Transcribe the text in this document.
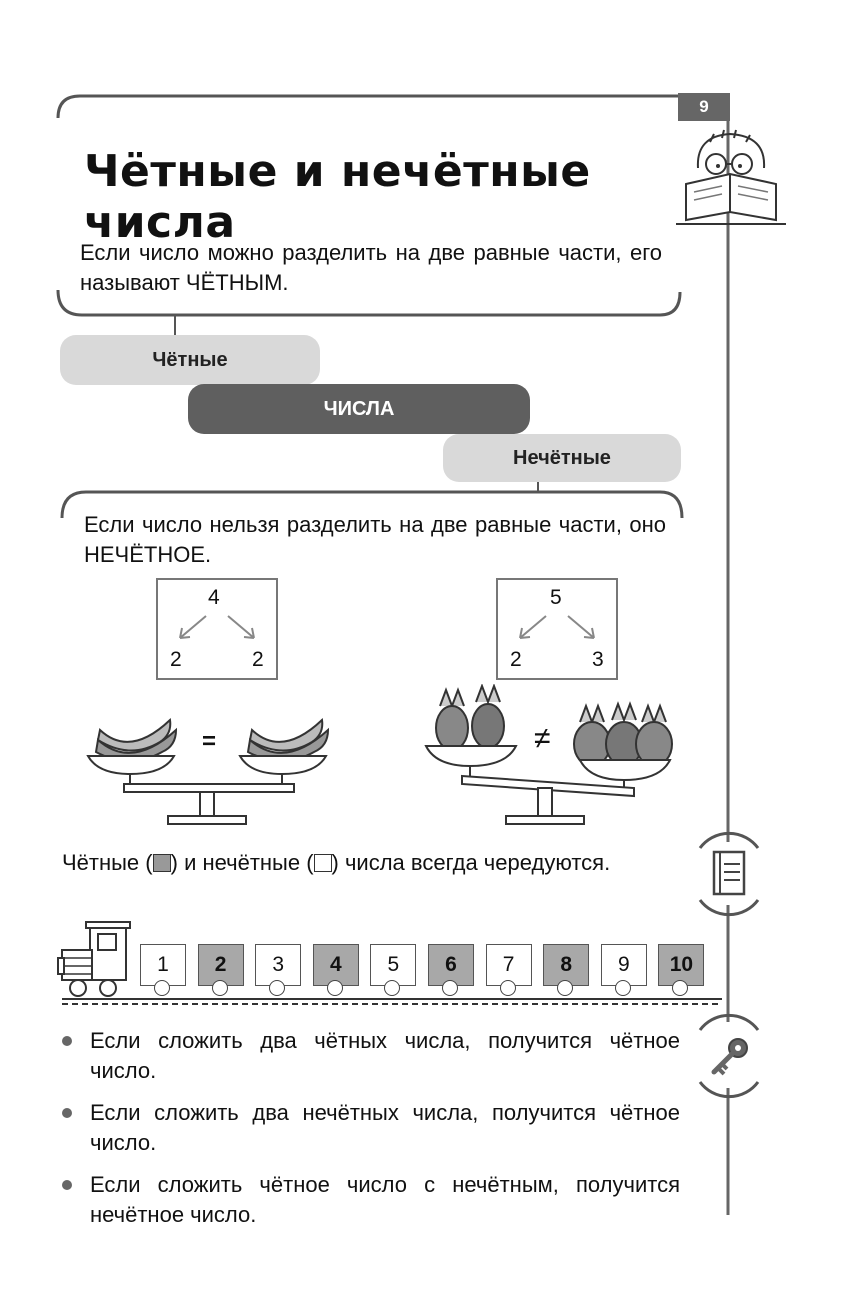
9
Чётные и нечётные числа
Если число можно разделить на две равные части, его называют ЧЁТНЫМ.
Чётные
ЧИСЛА
Нечётные
Если число нельзя разделить на две равные части, оно НЕЧЁТНОЕ.
4
2	2
5
2	3
=	≠
Чётные ( ) и нечётные ( ) числа всегда чередуются.
1	2	3	4	5	6	7	8	9	10
Если сложить два чётных числа, получится чётное число.
Если сложить два нечётных числа, получится чётное число.
Если сложить чётное число с нечётным, получится нечётное число.
